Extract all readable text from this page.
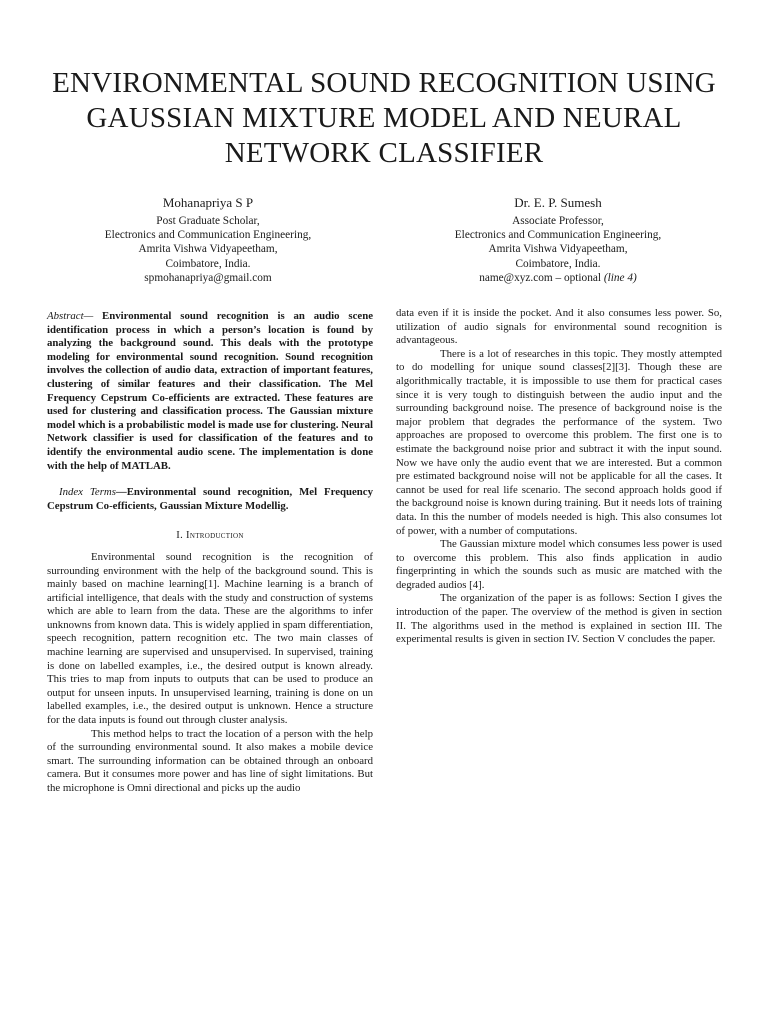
ENVIRONMENTAL SOUND RECOGNITION USING GAUSSIAN MIXTURE MODEL AND NEURAL NETWORK CLASSIFIER
Mohanapriya S P
Post Graduate Scholar,
Electronics and Communication Engineering,
Amrita Vishwa Vidyapeetham,
Coimbatore, India.
spmohanapriya@gmail.com
Dr. E. P. Sumesh
Associate Professor,
Electronics and Communication Engineering,
Amrita Vishwa Vidyapeetham,
Coimbatore, India.
name@xyz.com – optional (line 4)

Abstract— Environmental sound recognition is an audio scene identification process in which a person’s location is found by analyzing the background sound. This deals with the prototype modeling for environmental sound recognition. Sound recognition involves the collection of audio data, extraction of important features, clustering of similar features and their classification. The Mel Frequency Cepstrum Co-efficients are extracted. These features are used for clustering and classification process. The Gaussian mixture model which is a probabilistic model is made use for clustering. Neural Network classifier is used for classification of the features and to identify the environmental audio scene. The implementation is done with the help of MATLAB.

Index Terms—Environmental sound recognition, Mel Frequency Cepstrum Co-efficients, Gaussian Mixture Modellig.

I. Introduction

Environmental sound recognition is the recognition of surrounding environment with the help of the background sound. This is mainly based on machine learning[1]. Machine learning is a branch of artificial intelligence, that deals with the study and construction of systems which are able to learn from the data. These are the algorithms to infer unknowns from known data. This is widely applied in spam differentiation, speech recognition, pattern recognition etc. The two main classes of machine learning are supervised and unsupervised. In supervised, training is done on labelled examples, i.e., the desired output is known already. This tries to map from inputs to outputs that can be used to produce an output for unseen inputs. In unsupervised learning, training is done on un labelled examples, i.e., the desired output is unknown. Hence a structure for the data inputs is found out through cluster analysis.

This method helps to tract the location of a person with the help of the surrounding environmental sound. It also makes a mobile device smart. The surrounding information can be obtained through an onboard camera. But it consumes more power and has line of sight limitations. But the microphone is Omni directional and picks up the audio

data even if it is inside the pocket. And it also consumes less power. So, utilization of audio signals for environmental sound recognition is advantageous.

There is a lot of researches in this topic. They mostly attempted to do modelling for unique sound classes[2][3]. Though these are algorithmically tractable, it is impossible to use them for practical cases since it is very tough to distinguish between the audio input and the surrounding background noise. The presence of background noise is the major problem that degrades the performance of the system. Two approaches are proposed to overcome this problem. The first one is to estimate the background noise prior and subtract it with the input sound. Now we have only the audio event that we are interested. But a common pre estimated background noise will not be applicable for all the cases. It cannot be used for real life scenario. The second approach holds good if the background noise is known during training. But it needs lots of training data. In this the number of models needed is high. This also consumes lot of power, with a number of computations.

The Gaussian mixture model which consumes less power is used to overcome this problem. This also finds application in audio fingerprinting in which the sounds such as music are matched with the degraded audios [4].

The organization of the paper is as follows: Section I gives the introduction of the paper. The overview of the method is given in section II. The algorithms used in the method is explained in section III. The experimental results is given in section IV. Section V concludes the paper.
